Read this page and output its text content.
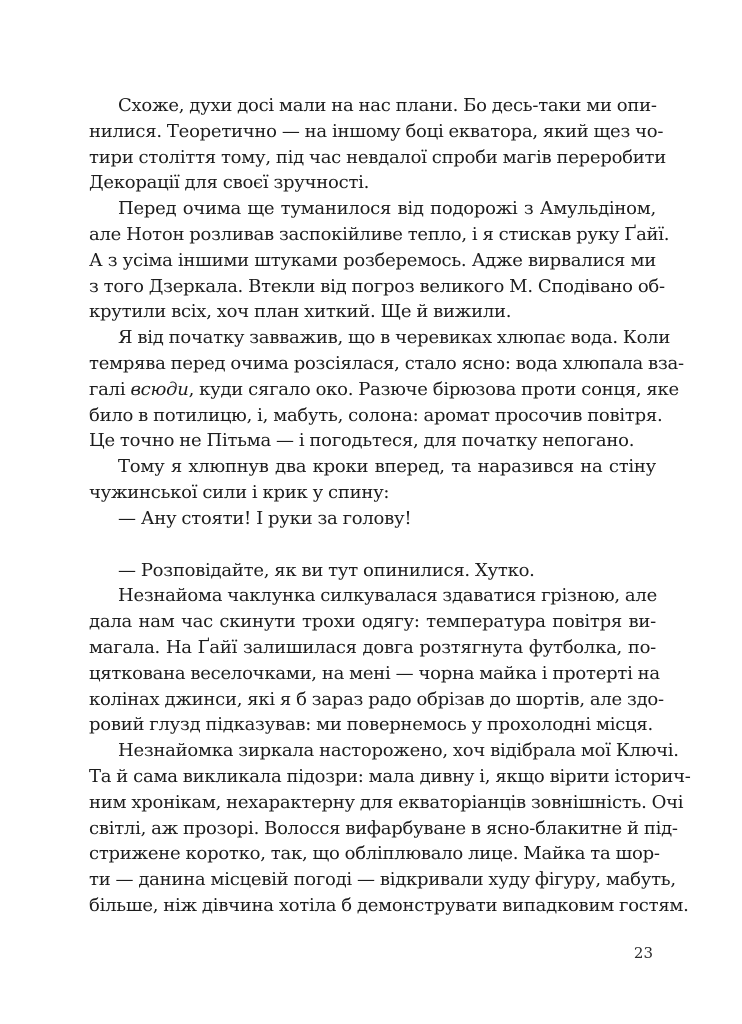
Схоже, духи досі мали на нас плани. Бо десь-таки ми опи-
нилися. Теоретично — на іншому боці екватора, який щез чо-
тири століття тому, під час невдалої спроби магів переробити
Декорації для своєї зручності.

Перед очима ще туманилося від подорожі з Амульдіном,
але Нотон розливав заспокійливе тепло, і я стискав руку Ґайї.
А з усіма іншими штуками розберемось. Адже вирвалися ми
з того Дзеркала. Втекли від погроз великого М. Сподівано об-
крутили всіх, хоч план хиткий. Ще й вижили.

Я від початку завважив, що в черевиках хлюпає вода. Коли
темрява перед очима розсіялася, стало ясно: вода хлюпала вза-
галі всюди, куди сягало око. Разюче бірюзова проти сонця, яке
било в потилицю, і, мабуть, солона: аромат просочив повітря.
Це точно не Пітьма — і погодьтеся, для початку непогано.

Тому я хлюпнув два кроки вперед, та наразився на стіну
чужинської сили і крик у спину:

— Ану стояти! І руки за голову!

— Розповідайте, як ви тут опинилися. Хутко.

Незнайома чаклунка силкувалася здаватися грізною, але
дала нам час скинути трохи одягу: температура повітря ви-
магала. На Ґайї залишилася довга розтягнута футболка, по-
цяткована веселочками, на мені — чорна майка і протерті на
колінах джинси, які я б зараз радо обрізав до шортів, але здо-
ровий глузд підказував: ми повернемось у прохолодні місця.

Незнайомка зиркала насторожено, хоч відібрала мої Ключі.
Та й сама викликала підозри: мала дивну і, якщо вірити історич-
ним хронікам, нехарактерну для екваторіанців зовнішність. Очі
світлі, аж прозорі. Волосся вифарбуване в ясно-блакитне й під-
стрижене коротко, так, що обліплювало лице. Майка та шор-
ти — данина місцевій погоді — відкривали худу фігуру, мабуть,
більше, ніж дівчина хотіла б демонструвати випадковим гостям.

23
